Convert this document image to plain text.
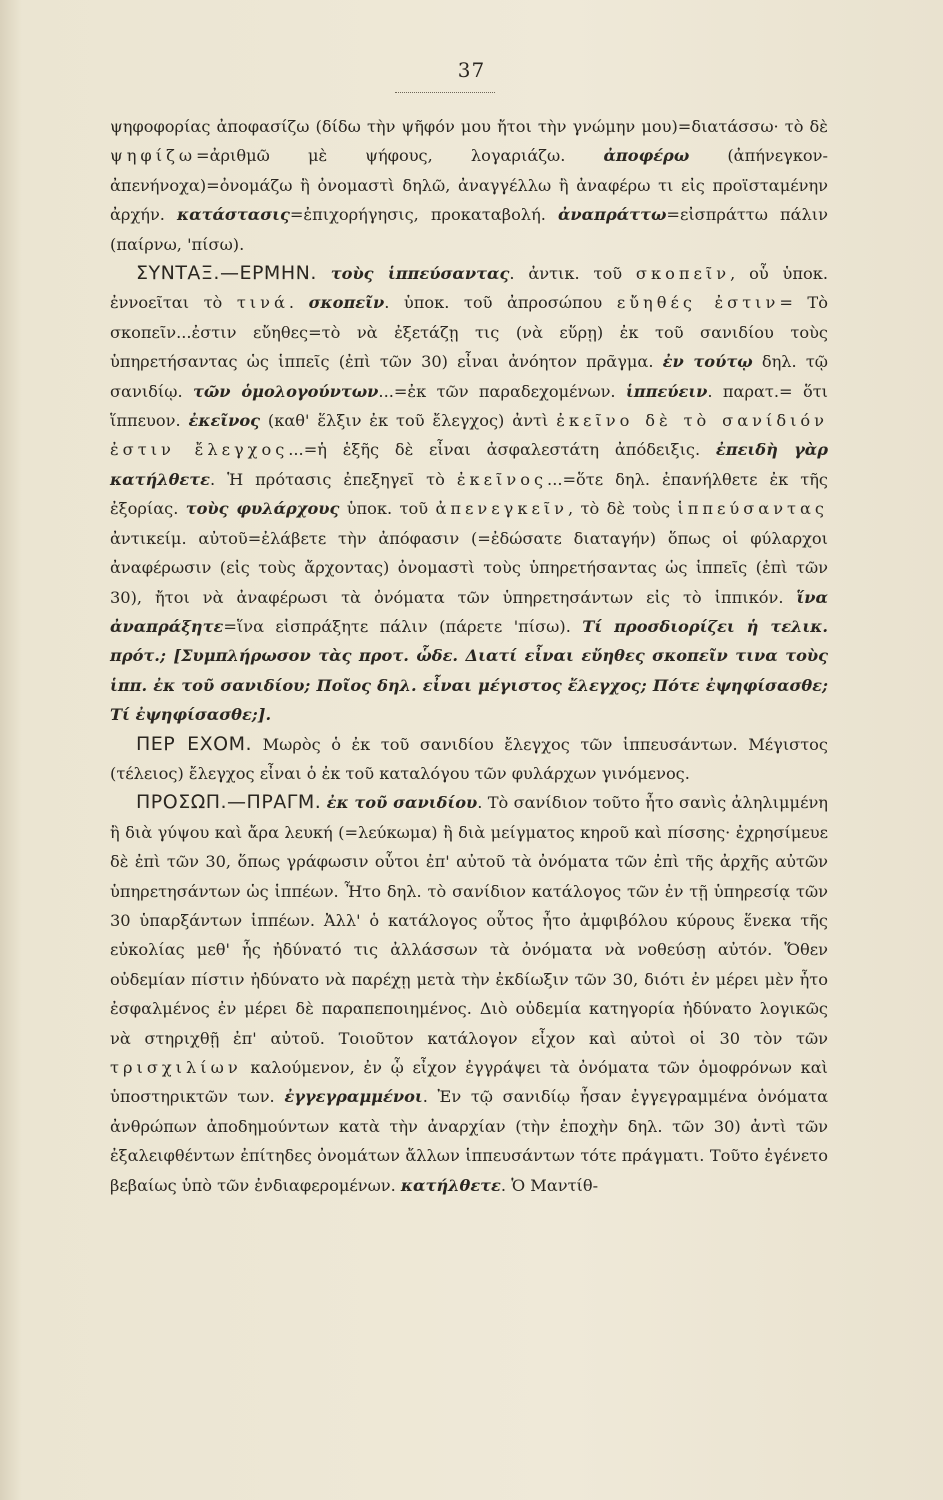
37

ψηφοφορίας ἀποφασίζω (δίδω τὴν ψῆφόν μου ἤτοι τὴν γνώμην μου)=διατάσσω· τὸ δὲ ψηφίζω=ἀριθμῶ μὲ ψήφους, λογαριάζω. ἀποφέρω (ἀπήνεγκον-ἀπενήνοχα)=ὀνομάζω ἢ ὀνομαστὶ δηλῶ, ἀναγγέλλω ἢ ἀναφέρω τι εἰς προϊσταμένην ἀρχήν. κατάστασις=ἐπιχορήγησις, προκαταβολή. ἀναπράττω=εἰσπράττω πάλιν (παίρνω, 'πίσω).

ΣΥΝΤΑΞ.—ΕΡΜΗΝ. τοὺς ἱππεύσαντας. ἀντικ. τοῦ σκοπεῖν, οὗ ὑποκ. ἐννοεῖται τὸ τινά. σκοπεῖν. ὑποκ. τοῦ ἀπροσώπου εὔηθές ἐστιν= Τὸ σκοπεῖν...ἐστιν εὔηθες=τὸ νὰ ἐξετάζῃ τις (νὰ εὕρῃ) ἐκ τοῦ σανιδίου τοὺς ὑπηρετήσαντας ὡς ἱππεῖς (ἐπὶ τῶν 30) εἶναι ἀνόητον πρᾶγμα. ἐν τούτῳ δηλ. τῷ σανιδίῳ. τῶν ὁμολογούντων...=ἐκ τῶν παραδεχομένων. ἱππεύειν. παρατ.= ὅτι ἵππευον. ἐκεῖνος (καθ' ἕλξιν ἐκ τοῦ ἔλεγχος) ἀντὶ ἐκεῖνο δὲ τὸ σανίδιόν ἐστιν ἔλεγχος...=ἡ ἑξῆς δὲ εἶναι ἀσφαλεστάτη ἀπόδειξις. ἐπειδὴ γὰρ κατήλθετε. Ἡ πρότασις ἐπεξηγεῖ τὸ ἐκεῖνος...=ὅτε δηλ. ἐπανήλθετε ἐκ τῆς ἐξορίας. τοὺς φυλάρχους ὑποκ. τοῦ ἀπενεγκεῖν, τὸ δὲ τοὺς ἱππεύσαντας ἀντικείμ. αὐτοῦ=ἐλάβετε τὴν ἀπόφασιν (=ἐδώσατε διαταγήν) ὅπως οἱ φύλαρχοι ἀναφέρωσιν (εἰς τοὺς ἄρχοντας) ὀνομαστὶ τοὺς ὑπηρετήσαντας ὡς ἱππεῖς (ἐπὶ τῶν 30), ἤτοι νὰ ἀναφέρωσι τὰ ὀνόματα τῶν ὑπηρετησάντων εἰς τὸ ἱππικόν. ἵνα ἀναπράξητε=ἵνα εἰσπράξητε πάλιν (πάρετε 'πίσω). Τί προσδιορίζει ἡ τελικ. πρότ.; [Συμπλήρωσον τὰς προτ. ὧδε. Διατί εἶναι εὔηθες σκοπεῖν τινα τοὺς ἱππ. ἐκ τοῦ σανιδίου; Ποῖος δηλ. εἶναι μέγιστος ἔλεγχος; Πότε ἐψηφίσασθε; Τί ἐψηφίσασθε;].

ΠΕΡ ΕΧΟΜ. Μωρὸς ὁ ἐκ τοῦ σανιδίου ἔλεγχος τῶν ἱππευσάντων. Μέγιστος (τέλειος) ἔλεγχος εἶναι ὁ ἐκ τοῦ καταλόγου τῶν φυλάρχων γινόμενος.

ΠΡΟΣΩΠ.—ΠΡΑΓΜ. ἐκ τοῦ σανιδίου. Τὸ σανίδιον τοῦτο ἦτο σανὶς ἀληλιμμένη ἢ διὰ γύψου καὶ ἄρα λευκή (=λεύκωμα) ἢ διὰ μείγματος κηροῦ καὶ πίσσης· ἐχρησίμευε δὲ ἐπὶ τῶν 30, ὅπως γράφωσιν οὗτοι ἐπ' αὐτοῦ τὰ ὀνόματα τῶν ἐπὶ τῆς ἀρχῆς αὐτῶν ὑπηρετησάντων ὡς ἱππέων. Ἦτο δηλ. τὸ σανίδιον κατάλογος τῶν ἐν τῇ ὑπηρεσίᾳ τῶν 30 ὑπαρξάντων ἱππέων. Ἀλλ' ὁ κατάλογος οὗτος ἦτο ἀμφιβόλου κύρους ἕνεκα τῆς εὐκολίας μεθ' ἧς ἠδύνατό τις ἀλλάσσων τὰ ὀνόματα νὰ νοθεύσῃ αὐτόν. Ὅθεν οὐδεμίαν πίστιν ἠδύνατο νὰ παρέχῃ μετὰ τὴν ἐκδίωξιν τῶν 30, διότι ἐν μέρει μὲν ἦτο ἐσφαλμένος ἐν μέρει δὲ παραπεποιημένος. Διὸ οὐδεμία κατηγορία ἠδύνατο λογικῶς νὰ στηριχθῇ ἐπ' αὐτοῦ. Τοιοῦτον κατάλογον εἶχον καὶ αὐτοὶ οἱ 30 τὸν τῶν τρισχιλίων καλούμενον, ἐν ᾧ εἶχον ἐγγράψει τὰ ὀνόματα τῶν ὁμοφρόνων καὶ ὑποστηρικτῶν των. ἐγγεγραμμένοι. Ἐν τῷ σανιδίῳ ἦσαν ἐγγεγραμμένα ὀνόματα ἀνθρώπων ἀποδημούντων κατὰ τὴν ἀναρχίαν (τὴν ἐποχὴν δηλ. τῶν 30) ἀντὶ τῶν ἐξαλειφθέντων ἐπίτηδες ὀνομάτων ἄλλων ἱππευσάντων τότε πράγματι. Τοῦτο ἐγένετο βεβαίως ὑπὸ τῶν ἐνδιαφερομένων. κατήλθετε. Ὁ Μαντίθ-
